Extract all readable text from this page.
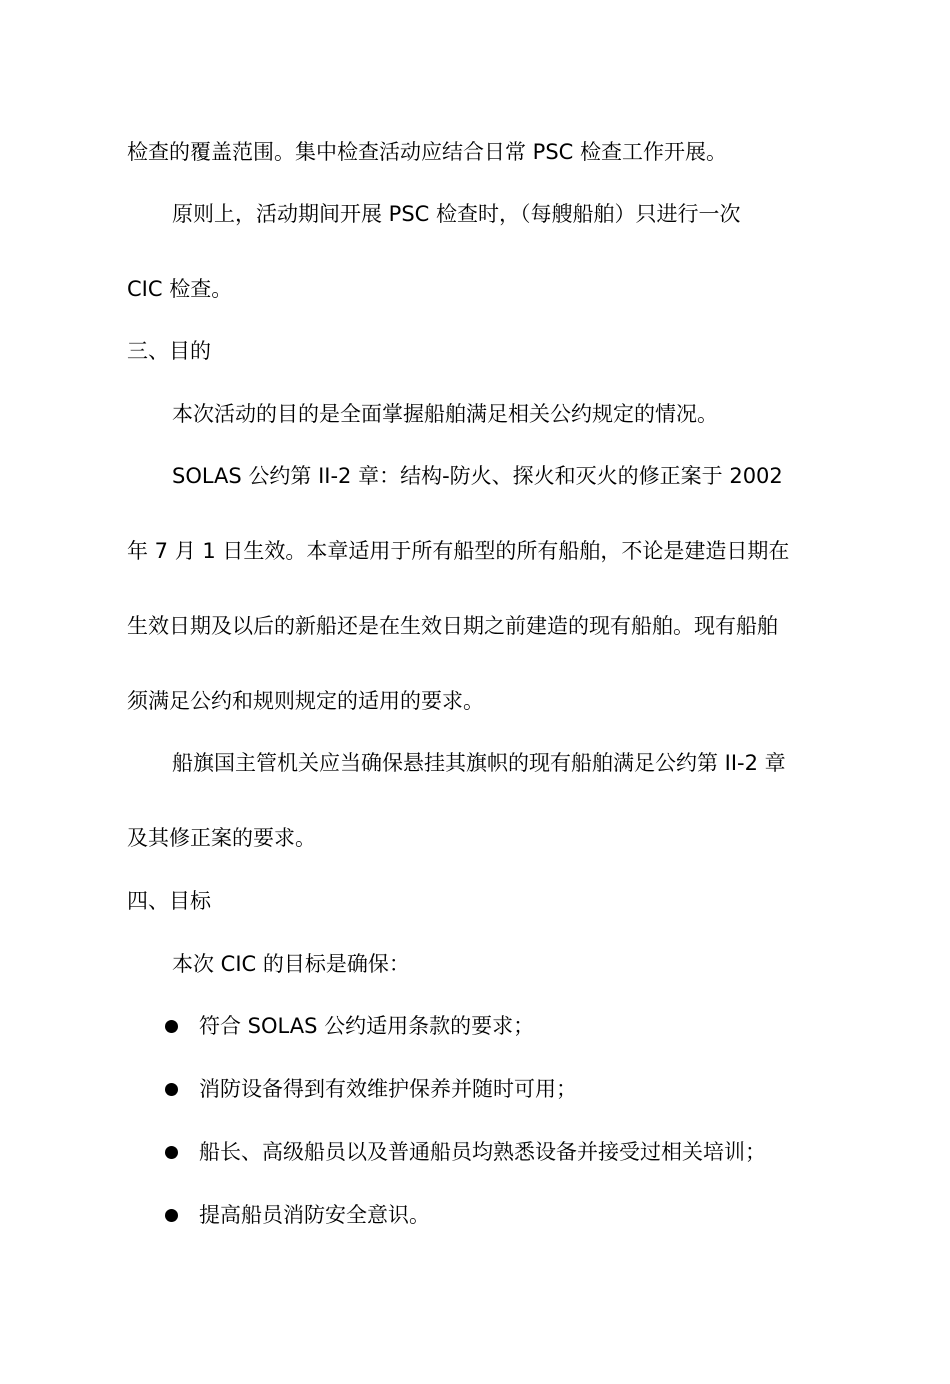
检查的覆盖范围。集中检查活动应结合日常 PSC 检查工作开展。
原则上，活动期间开展 PSC 检查时，（每艘船舶）只进行一次
CIC 检查。
三、目的
本次活动的目的是全面掌握船舶满足相关公约规定的情况。
SOLAS 公约第 II-2 章：结构-防火、探火和灭火的修正案于 2002
年 7 月 1 日生效。本章适用于所有船型的所有船舶，不论是建造日期在
生效日期及以后的新船还是在生效日期之前建造的现有船舶。现有船舶
须满足公约和规则规定的适用的要求。
船旗国主管机关应当确保悬挂其旗帜的现有船舶满足公约第 II-2 章
及其修正案的要求。
四、目标
本次 CIC 的目标是确保：
符合 SOLAS 公约适用条款的要求；
消防设备得到有效维护保养并随时可用；
船长、高级船员以及普通船员均熟悉设备并接受过相关培训；
提高船员消防安全意识。
